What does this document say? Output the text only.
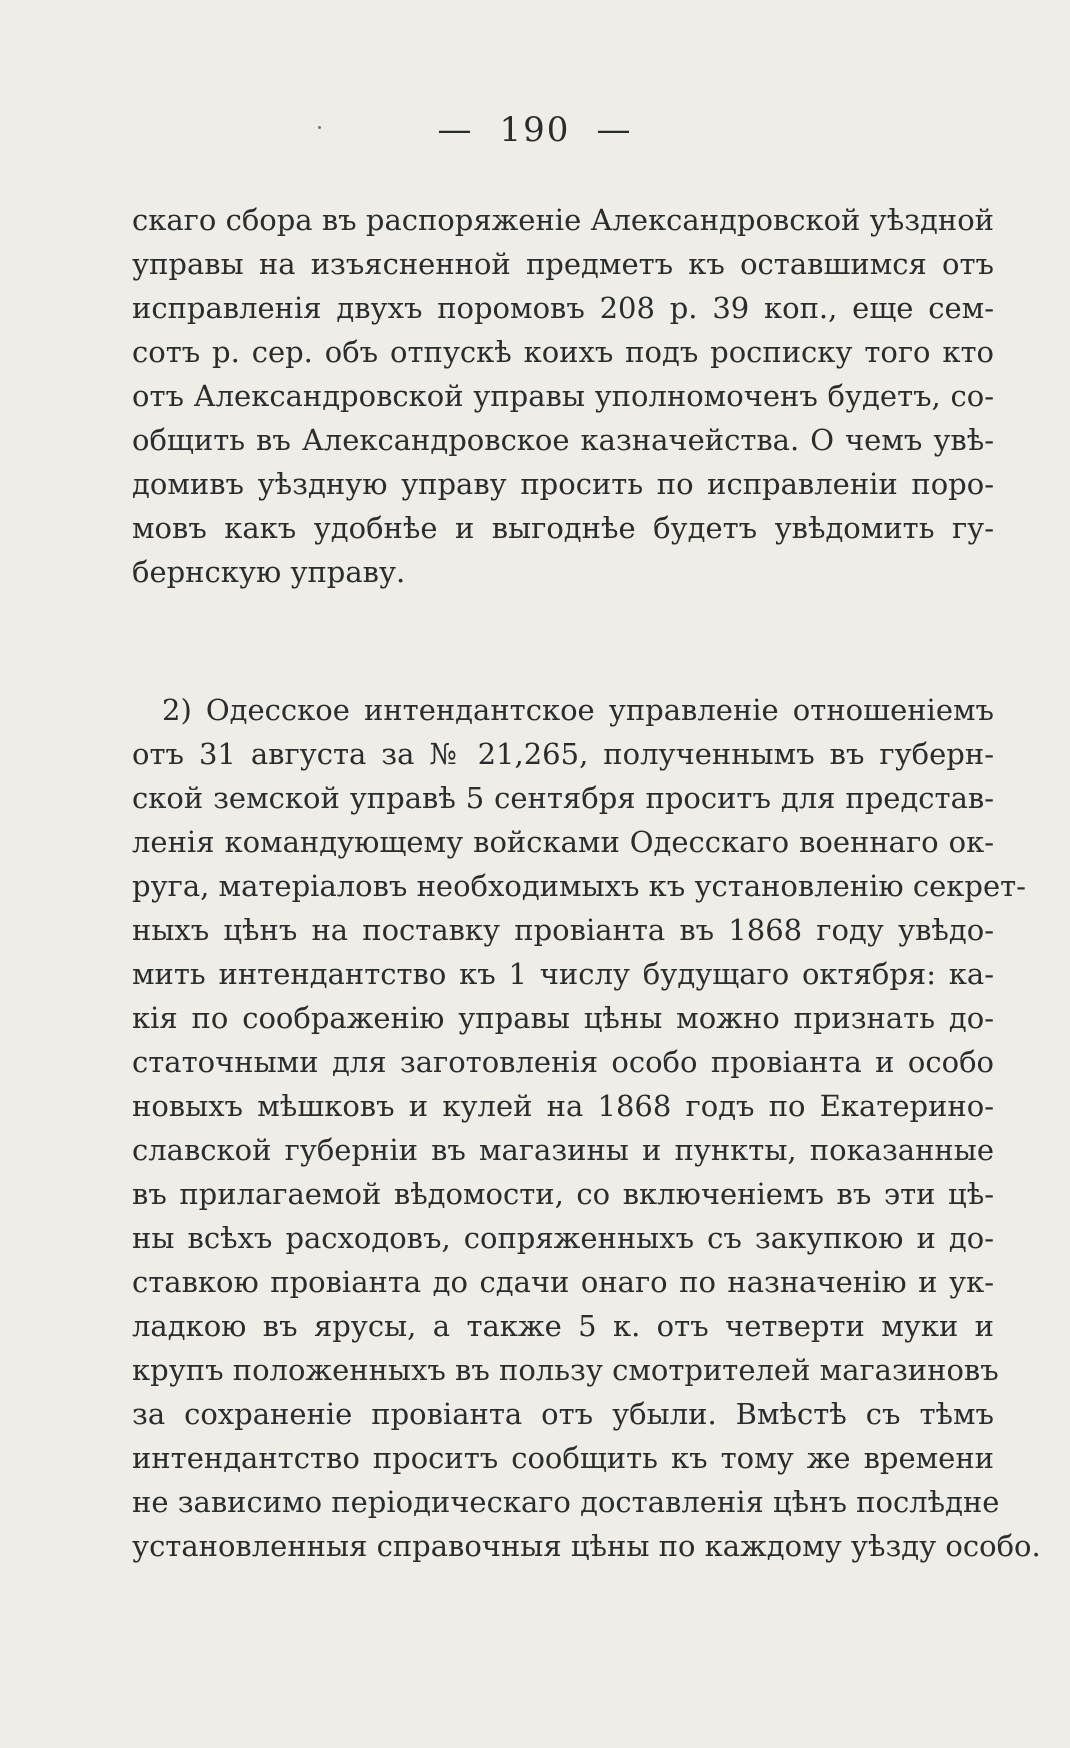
— 190 —
скаго сбора въ распоряженіе Александровской уѣздной
управы на изъясненной предметъ къ оставшимся отъ
исправленія двухъ поромовъ 208 р. 39 коп., еще сем-
сотъ р. сер. объ отпускѣ коихъ подъ росписку того кто
отъ Александровской управы уполномоченъ будетъ, со-
общить въ Александровское казначейства. О чемъ увѣ-
домивъ уѣздную управу просить по исправленіи поро-
мовъ какъ удобнѣе и выгоднѣе будетъ увѣдомить гу-
бернскую управу.
2) Одесское интендантское управленіе отношеніемъ
отъ 31 августа за № 21,265, полученнымъ въ губерн-
ской земской управѣ 5 сентября проситъ для представ-
ленія командующему войсками Одесскаго военнаго ок-
руга, матеріаловъ необходимыхъ къ установленію секрет-
ныхъ цѣнъ на поставку провіанта въ 1868 году увѣдо-
мить интендантство къ 1 числу будущаго октября: ка-
кія по соображенію управы цѣны можно признать до-
статочными для заготовленія особо провіанта и особо
новыхъ мѣшковъ и кулей на 1868 годъ по Екатерино-
славской губерніи въ магазины и пункты, показанные
въ прилагаемой вѣдомости, со включеніемъ въ эти цѣ-
ны всѣхъ расходовъ, сопряженныхъ съ закупкою и до-
ставкою провіанта до сдачи онаго по назначенію и ук-
ладкою въ ярусы, а также 5 к. отъ четверти муки и
крупъ положенныхъ въ пользу смотрителей магазиновъ
за сохраненіе провіанта отъ убыли. Вмѣстѣ съ тѣмъ
интендантство проситъ сообщить къ тому же времени
не зависимо періодическаго доставленія цѣнъ послѣдне
установленныя справочныя цѣны по каждому уѣзду особо.
